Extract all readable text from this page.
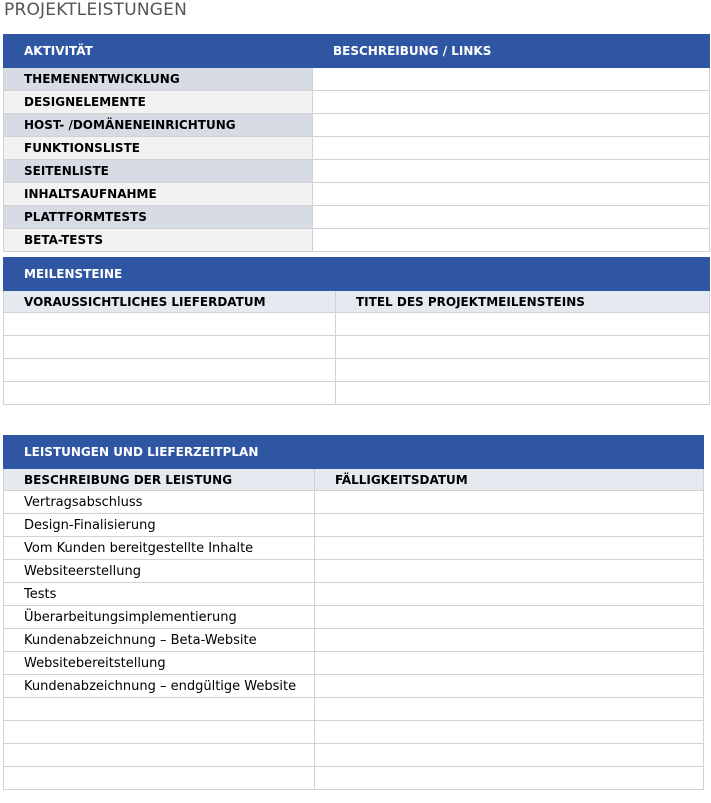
PROJEKTLEISTUNGEN
AKTIVITÄT	BESCHREIBUNG / LINKS
THEMENENTWICKLUNG	
DESIGNELEMENTE	
HOST- /DOMÄNENEINRICHTUNG	
FUNKTIONSLISTE	
SEITENLISTE	
INHALTSAUFNAHME	
PLATTFORMTESTS	
BETA-TESTS	
MEILENSTEINE	
VORAUSSICHTLICHES LIEFERDATUM	TITEL DES PROJEKTMEILENSTEINS

LEISTUNGEN UND LIEFERZEITPLAN	
BESCHREIBUNG DER LEISTUNG	FÄLLIGKEITSDATUM
Vertragsabschluss	
Design-Finalisierung	
Vom Kunden bereitgestellte Inhalte	
Websiteerstellung	
Tests	
Überarbeitungsimplementierung	
Kundenabzeichnung – Beta-Website	
Websitebereitstellung	
Kundenabzeichnung – endgültige Website	
